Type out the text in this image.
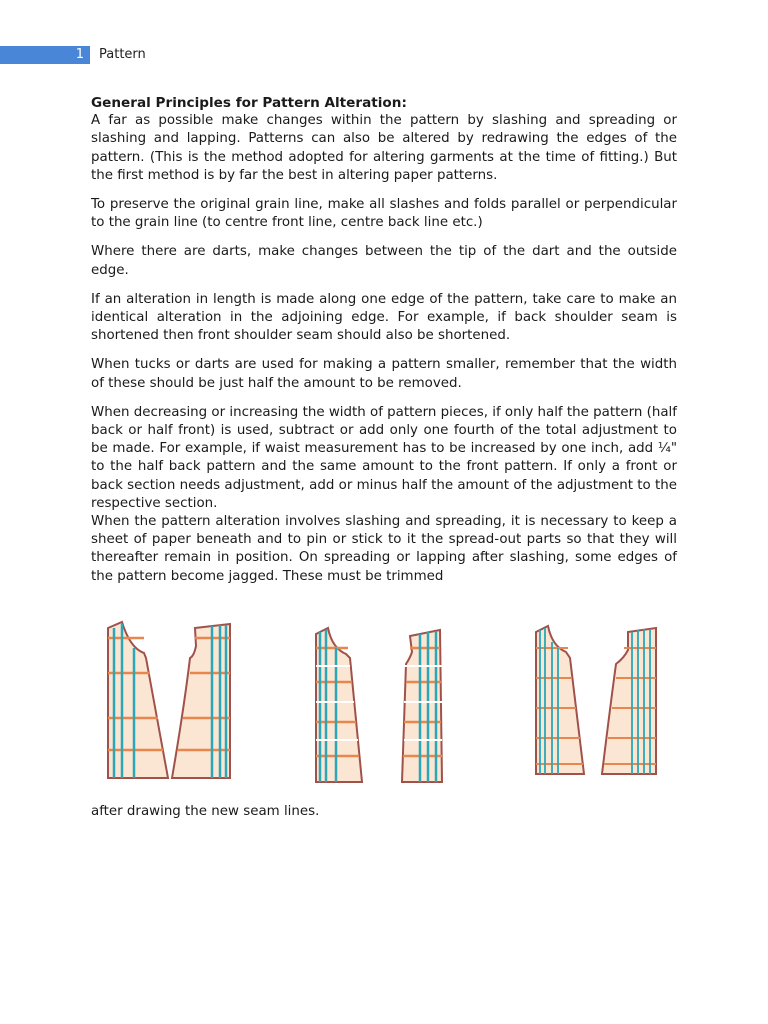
1 Pattern

General Principles for Pattern Alteration:

A far as possible make changes within the pattern by slashing and spreading or slashing and lapping. Patterns can also be altered by redrawing the edges of the pattern. (This is the method adopted for altering garments at the time of fitting.) But the first method is by far the best in altering paper patterns.

To preserve the original grain line, make all slashes and folds parallel or perpendicular to the grain line (to centre front line, centre back line etc.)

Where there are darts, make changes between the tip of the dart and the outside edge.

If an alteration in length is made along one edge of the pattern, take care to make an identical alteration in the adjoining edge. For example, if back shoulder seam is shortened then front shoulder seam should also be shortened.

When tucks or darts are used for making a pattern smaller, remember that the width of these should be just half the amount to be removed.

When decreasing or increasing the width of pattern pieces, if only half the pattern (half back or half front) is used, subtract or add only one fourth of the total adjustment to be made. For example, if waist measurement has to be increased by one inch, add ¼" to the half back pattern and the same amount to the front pattern. If only a front or back section needs adjustment, add or minus half the amount of the adjustment to the respective section.

When the pattern alteration involves slashing and spreading, it is necessary to keep a sheet of paper beneath and to pin or stick to it the spread-out parts so that they will thereafter remain in position. On spreading or lapping after slashing, some edges of the pattern become jagged. These must be trimmed

after drawing the new seam lines.
